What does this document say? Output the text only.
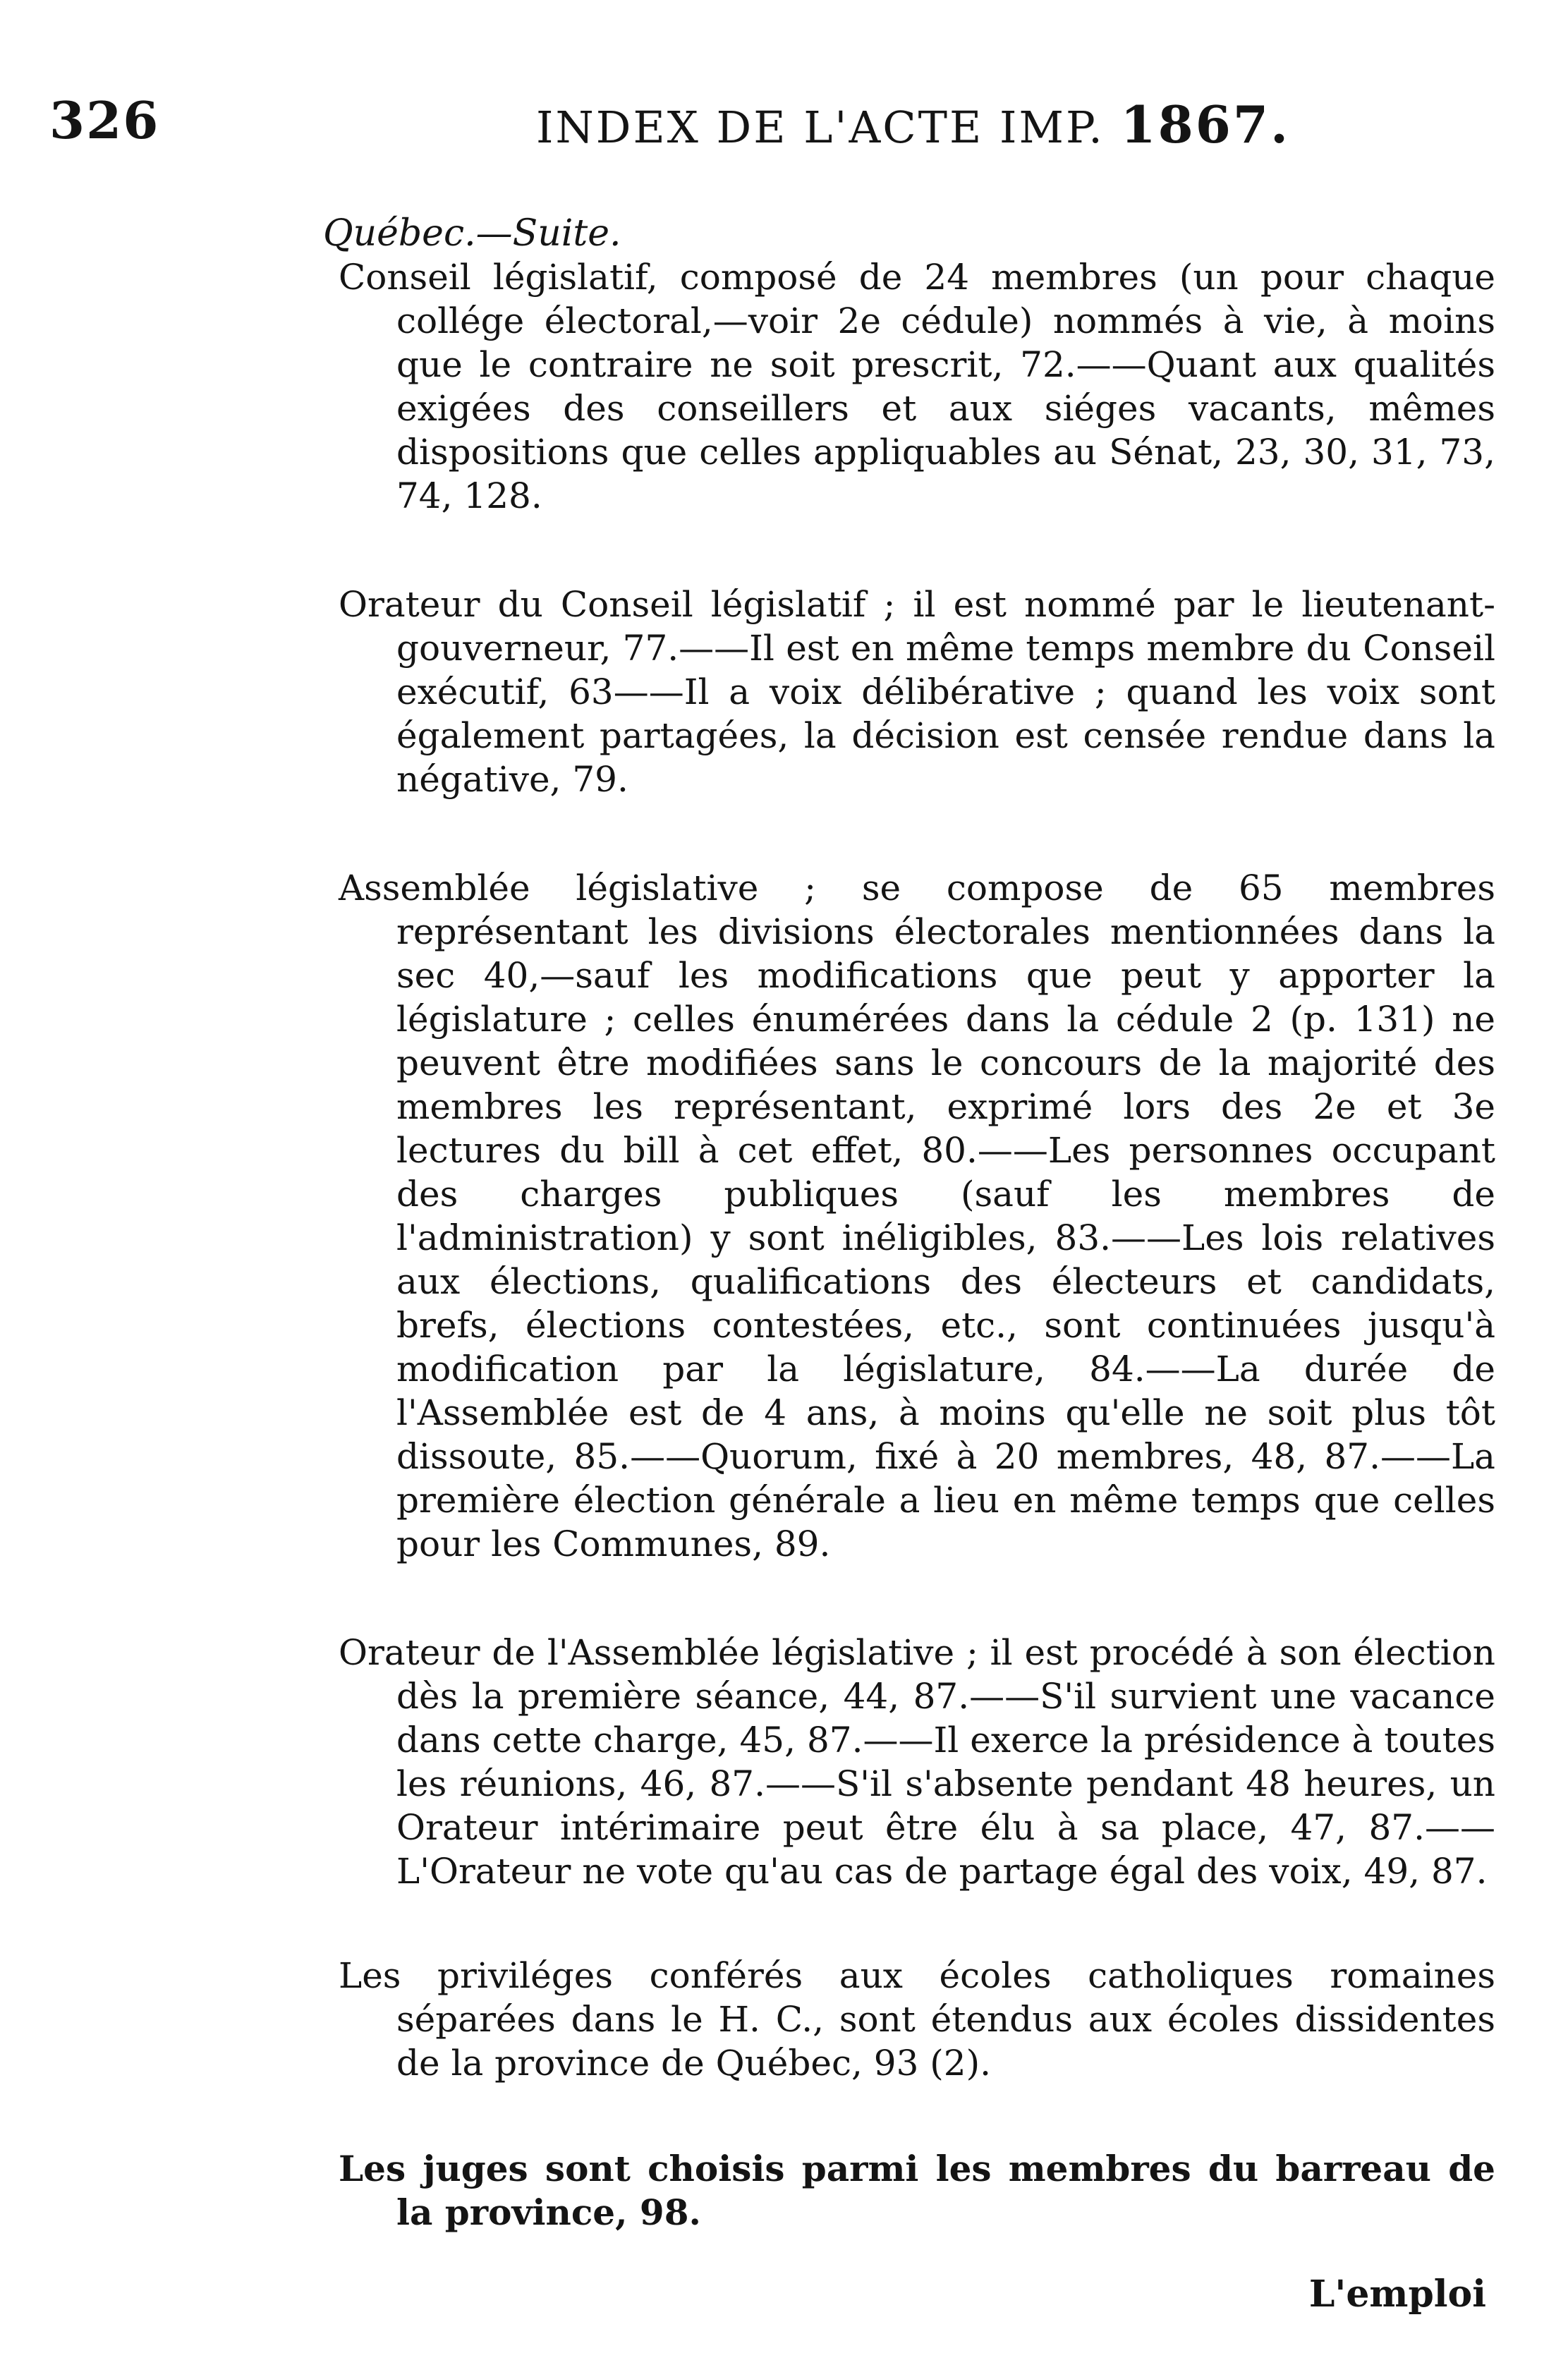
326	INDEX DE L'ACTE IMP. 1867.

Québec.—Suite.

Conseil législatif, composé de 24 membres (un pour chaque collége électoral,—voir 2e cédule) nommés à vie, à moins que le contraire ne soit prescrit, 72.——Quant aux qualités exigées des conseillers et aux siéges vacants, mêmes dispositions que celles appliquables au Sénat, 23, 30, 31, 73, 74, 128.

Orateur du Conseil législatif ; il est nommé par le lieutenant-gouverneur, 77.——Il est en même temps membre du Conseil exécutif, 63——Il a voix délibérative ; quand les voix sont également partagées, la décision est censée rendue dans la négative, 79.

Assemblée législative ; se compose de 65 membres représentant les divisions électorales mentionnées dans la sec 40,—sauf les modifications que peut y apporter la législature ; celles énumérées dans la cédule 2 (p. 131) ne peuvent être modifiées sans le concours de la majorité des membres les représentant, exprimé lors des 2e et 3e lectures du bill à cet effet, 80.——Les personnes occupant des charges publiques (sauf les membres de l'administration) y sont inéligibles, 83.——Les lois relatives aux élections, qualifications des électeurs et candidats, brefs, élections contestées, etc., sont continuées jusqu'à modification par la législature, 84.——La durée de l'Assemblée est de 4 ans, à moins qu'elle ne soit plus tôt dissoute, 85.——Quorum, fixé à 20 membres, 48, 87.——La première élection générale a lieu en même temps que celles pour les Communes, 89.

Orateur de l'Assemblée législative ; il est procédé à son élection dès la première séance, 44, 87.——S'il survient une vacance dans cette charge, 45, 87.——Il exerce la présidence à toutes les réunions, 46, 87.——S'il s'absente pendant 48 heures, un Orateur intérimaire peut être élu à sa place, 47, 87.——L'Orateur ne vote qu'au cas de partage égal des voix, 49, 87.

Les priviléges conférés aux écoles catholiques romaines séparées dans le H. C., sont étendus aux écoles dissidentes de la province de Québec, 93 (2).

Les juges sont choisis parmi les membres du barreau de la province, 98.

L'emploi
